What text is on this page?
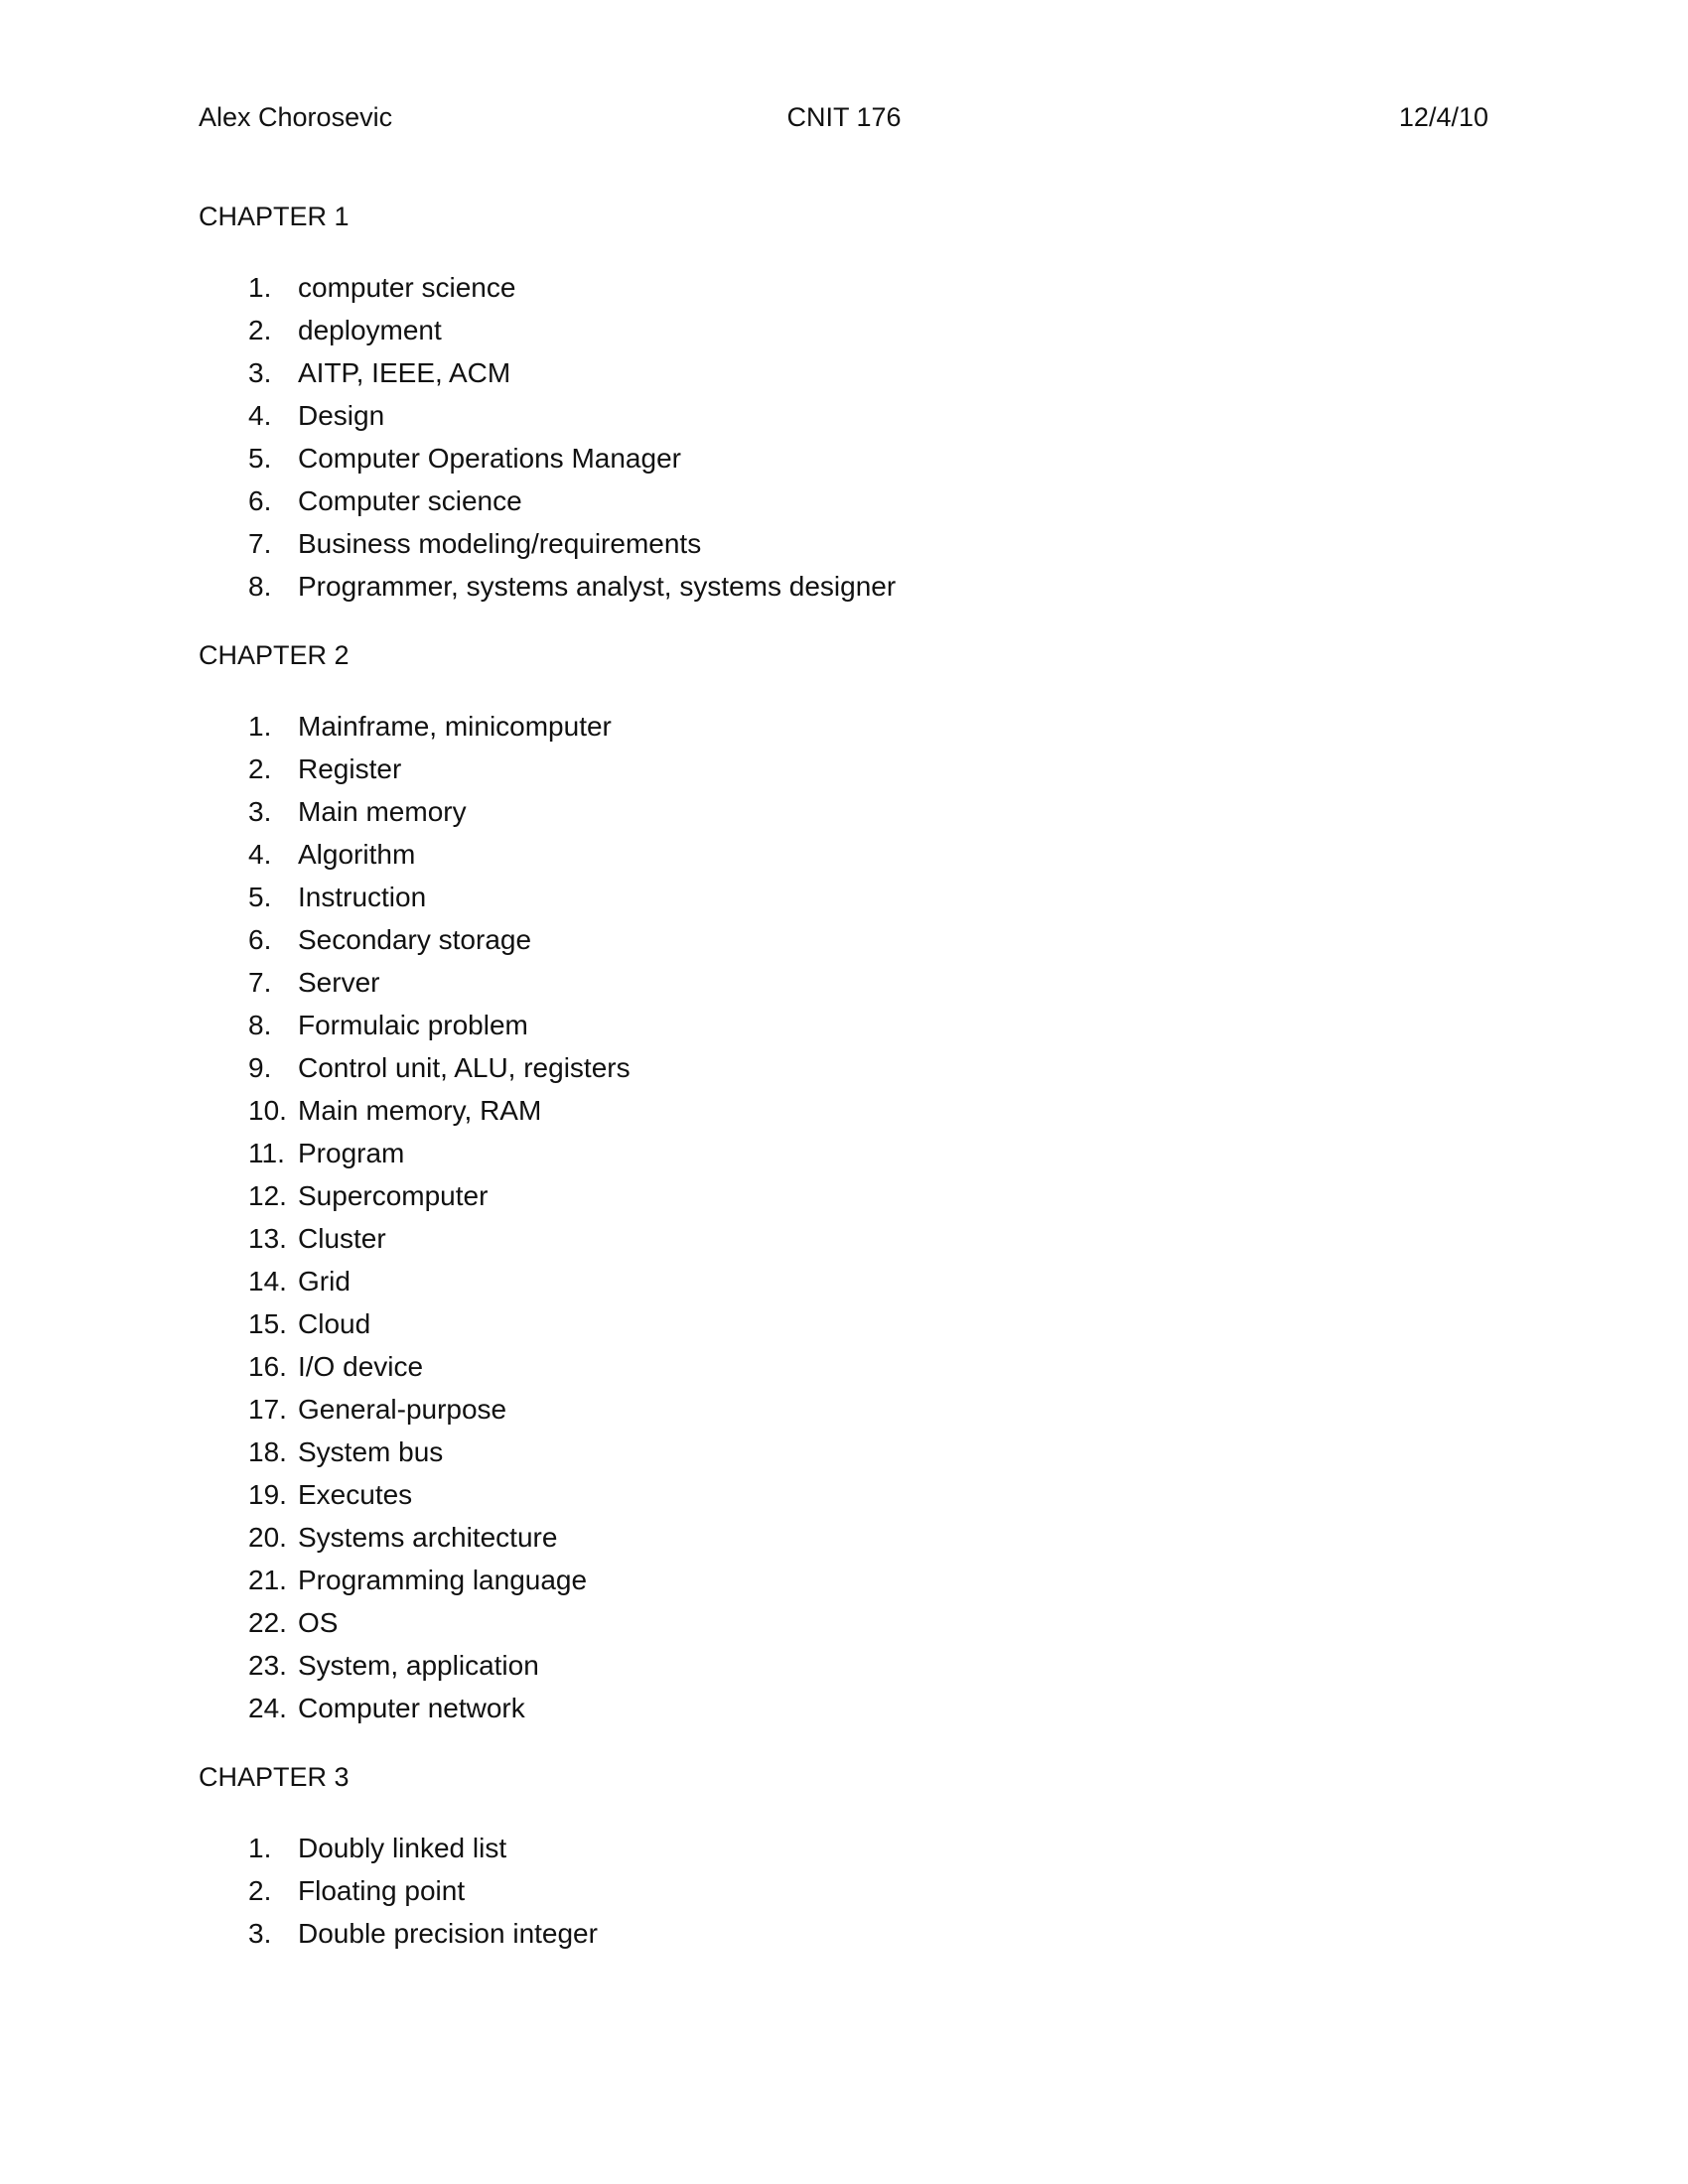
Alex Chorosevic	CNIT 176	12/4/10
CHAPTER 1
1. computer science
2. deployment
3. AITP, IEEE, ACM
4. Design
5. Computer Operations Manager
6. Computer science
7. Business modeling/requirements
8. Programmer, systems analyst, systems designer
CHAPTER 2
1. Mainframe, minicomputer
2. Register
3. Main memory
4. Algorithm
5. Instruction
6. Secondary storage
7. Server
8. Formulaic problem
9. Control unit, ALU, registers
10. Main memory, RAM
11. Program
12. Supercomputer
13. Cluster
14. Grid
15. Cloud
16. I/O device
17. General-purpose
18. System bus
19. Executes
20. Systems architecture
21. Programming language
22. OS
23. System, application
24. Computer network
CHAPTER 3
1. Doubly linked list
2. Floating point
3. Double precision integer
